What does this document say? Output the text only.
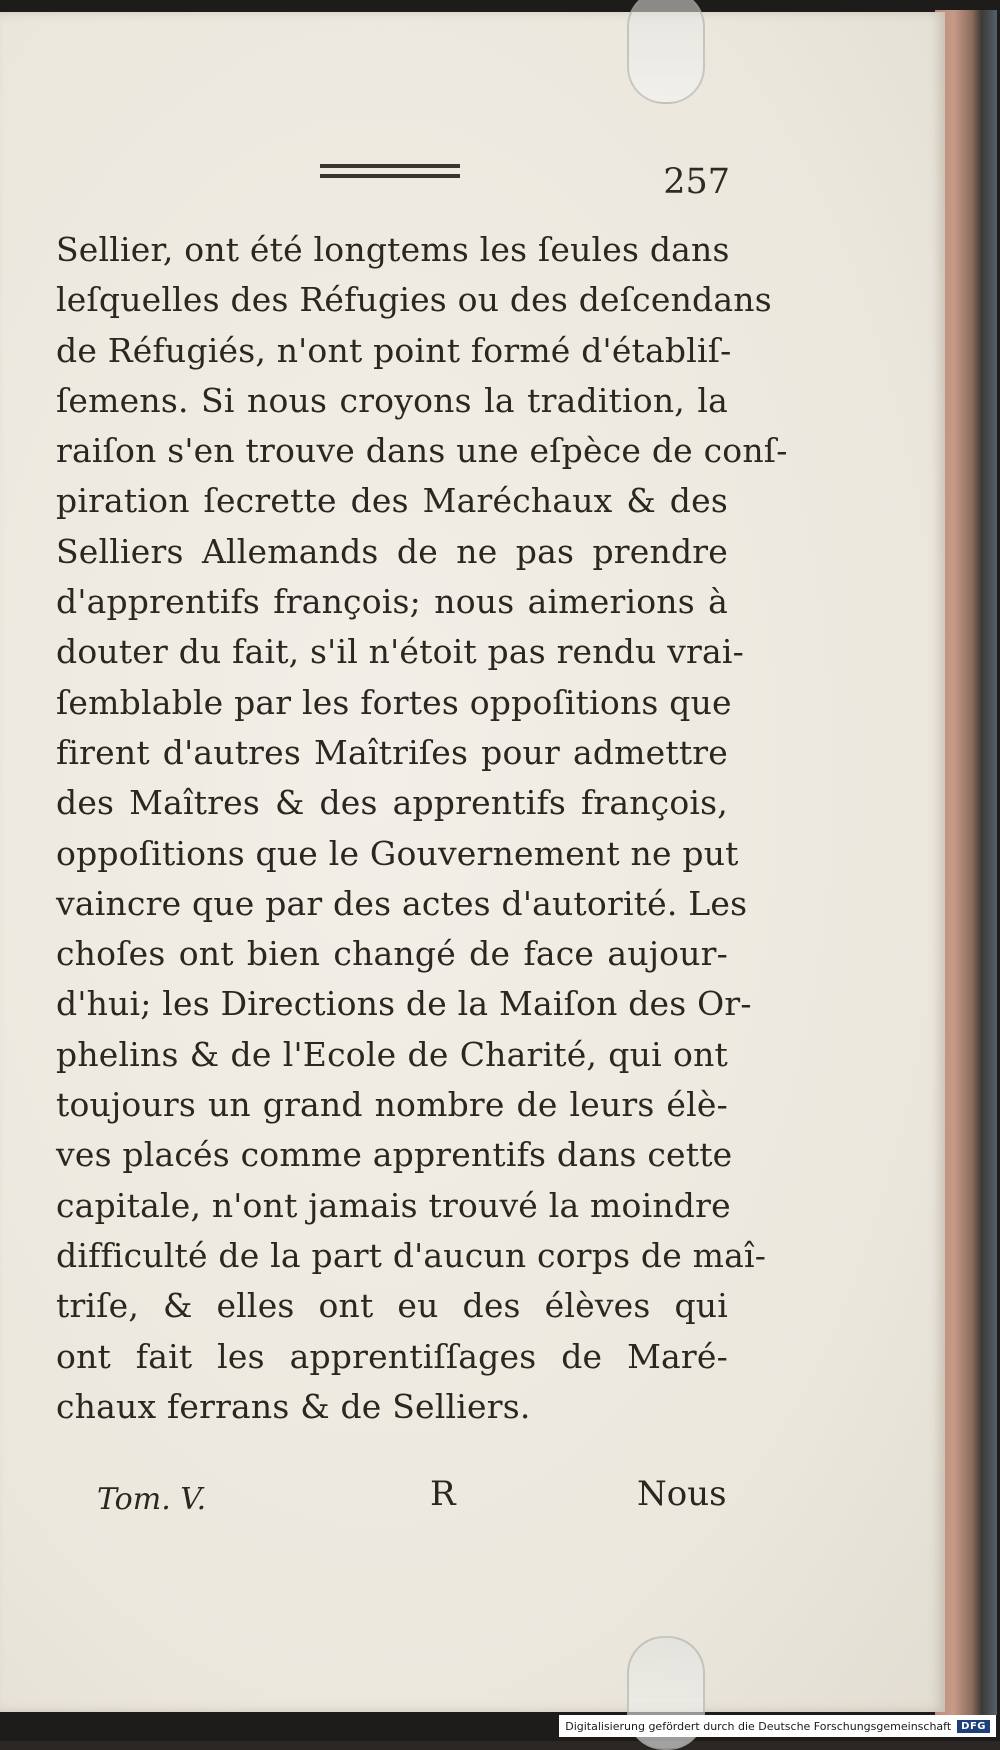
257
Sellier, ont été longtems les ſeules dans
leſquelles des Réfugies ou des deſcendans
de Réfugiés, n'ont point formé d'établiſ-
ſemens. Si nous croyons la tradition, la
raiſon s'en trouve dans une eſpèce de conſ-
piration ſecrette des Maréchaux & des
Selliers Allemands de ne pas prendre
d'apprentifs françois; nous aimerions à
douter du fait, s'il n'étoit pas rendu vrai-
ſemblable par les fortes oppoſitions que
firent d'autres Maîtriſes pour admettre
des Maîtres & des apprentifs françois,
oppoſitions que le Gouvernement ne put
vaincre que par des actes d'autorité. Les
choſes ont bien changé de face aujour-
d'hui; les Directions de la Maiſon des Or-
phelins & de l'Ecole de Charité, qui ont
toujours un grand nombre de leurs élè-
ves placés comme apprentifs dans cette
capitale, n'ont jamais trouvé la moindre
difficulté de la part d'aucun corps de maî-
triſe, & elles ont eu des élèves qui
ont fait les apprentiſſages de Maré-
chaux ferrans & de Selliers.
Tom. V.	R	Nous
Digitalisierung gefördert durch die Deutsche Forschungsgemeinschaft	DFG
